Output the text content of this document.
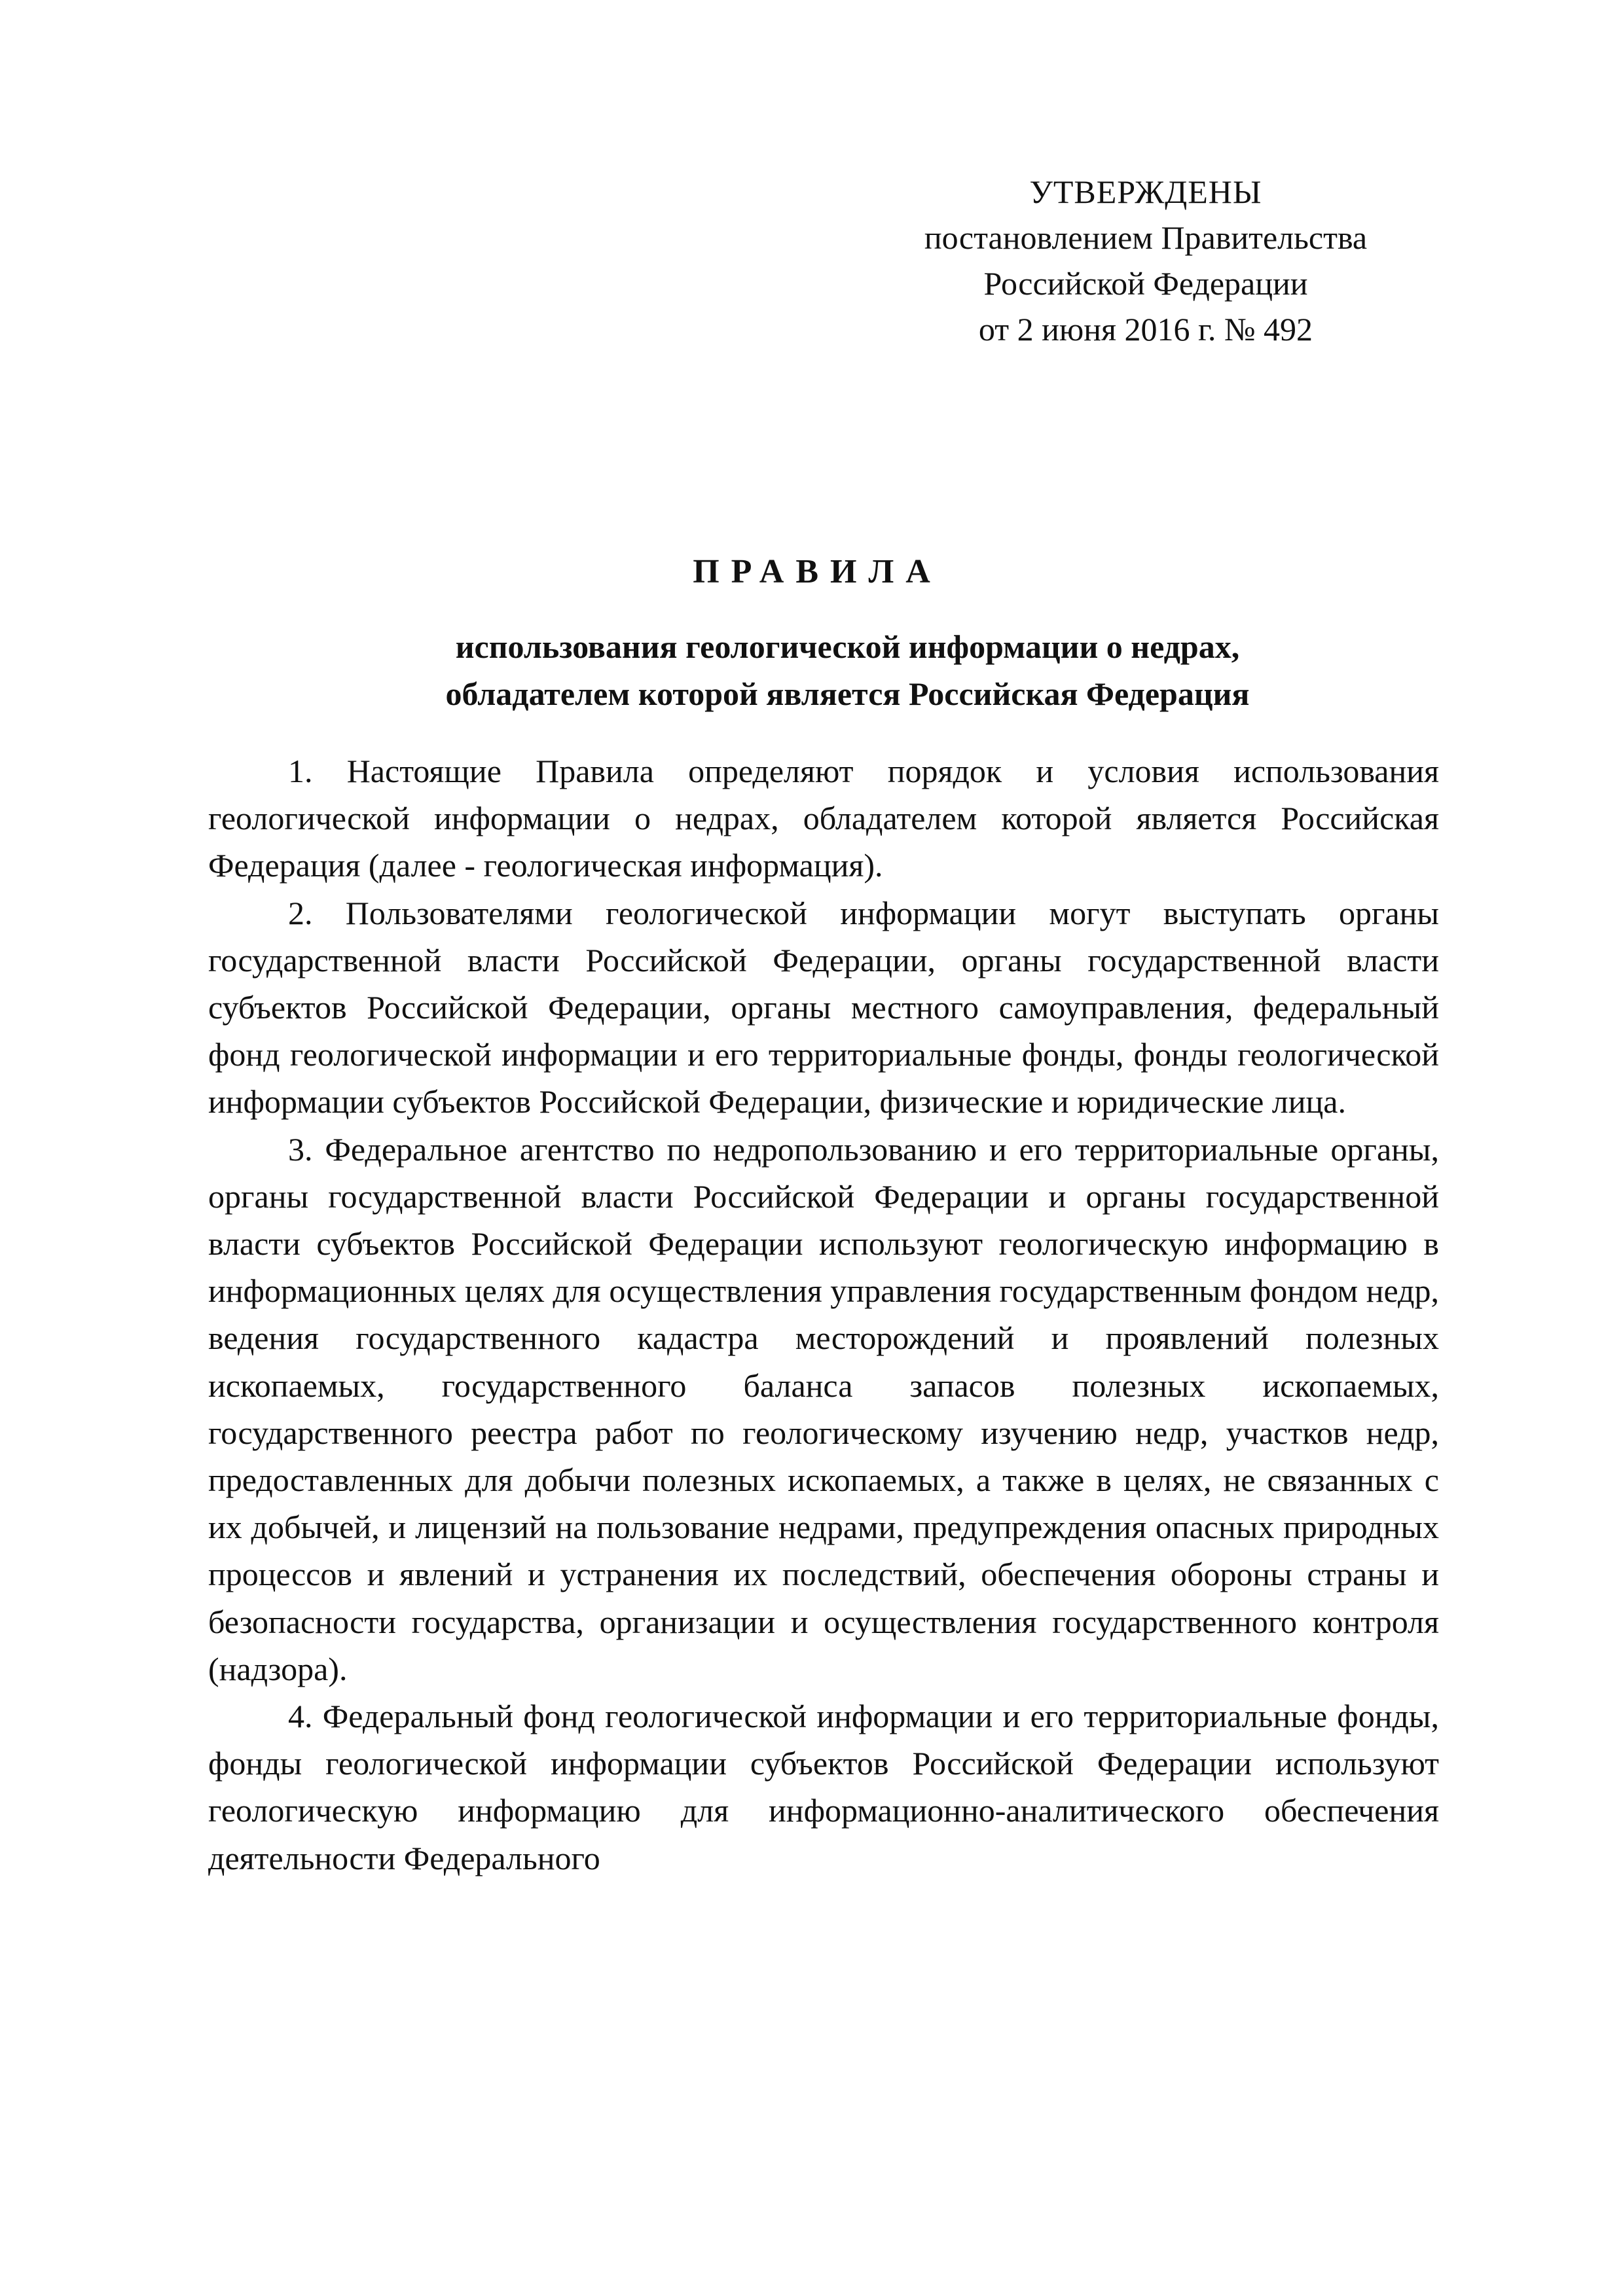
УТВЕРЖДЕНЫ
постановлением Правительства
Российской Федерации
от 2 июня 2016 г. № 492
ПРАВИЛА
использования геологической информации о недрах,
обладателем которой является Российская Федерация

1. Настоящие Правила определяют порядок и условия использования геологической информации о недрах, обладателем которой является Российская Федерация (далее - геологическая информация).

2. Пользователями геологической информации могут выступать органы государственной власти Российской Федерации, органы государственной власти субъектов Российской Федерации, органы местного самоуправления, федеральный фонд геологической информации и его территориальные фонды, фонды геологической информации субъектов Российской Федерации, физические и юридические лица.

3. Федеральное агентство по недропользованию и его территориальные органы, органы государственной власти Российской Федерации и органы государственной власти субъектов Российской Федерации используют геологическую информацию в информационных целях для осуществления управления государственным фондом недр, ведения государственного кадастра месторождений и проявлений полезных ископаемых, государственного баланса запасов полезных ископаемых, государственного реестра работ по геологическому изучению недр, участков недр, предоставленных для добычи полезных ископаемых, а также в целях, не связанных с их добычей, и лицензий на пользование недрами, предупреждения опасных природных процессов и явлений и устранения их последствий, обеспечения обороны страны и безопасности государства, организации и осуществления государственного контроля (надзора).

4. Федеральный фонд геологической информации и его территориальные фонды, фонды геологической информации субъектов Российской Федерации используют геологическую информацию для информационно-аналитического обеспечения деятельности Федерального
